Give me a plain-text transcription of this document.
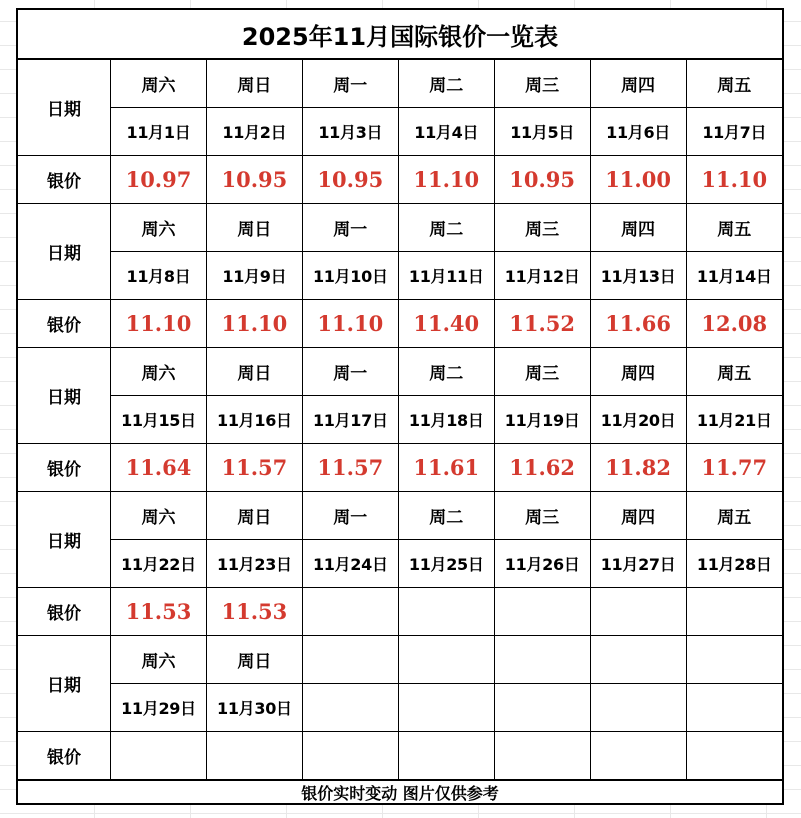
2025年11月国际银价一览表
日期	周六	周日	周一	周二	周三	周四	周五
	11月1日	11月2日	11月3日	11月4日	11月5日	11月6日	11月7日
银价	10.97	10.95	10.95	11.10	10.95	11.00	11.10
日期	周六	周日	周一	周二	周三	周四	周五
	11月8日	11月9日	11月10日	11月11日	11月12日	11月13日	11月14日
银价	11.10	11.10	11.10	11.40	11.52	11.66	12.08
日期	周六	周日	周一	周二	周三	周四	周五
	11月15日	11月16日	11月17日	11月18日	11月19日	11月20日	11月21日
银价	11.64	11.57	11.57	11.61	11.62	11.82	11.77
日期	周六	周日	周一	周二	周三	周四	周五
	11月22日	11月23日	11月24日	11月25日	11月26日	11月27日	11月28日
银价	11.53	11.53					
日期	周六	周日					
	11月29日	11月30日					
银价							
银价实时变动 图片仅供参考
